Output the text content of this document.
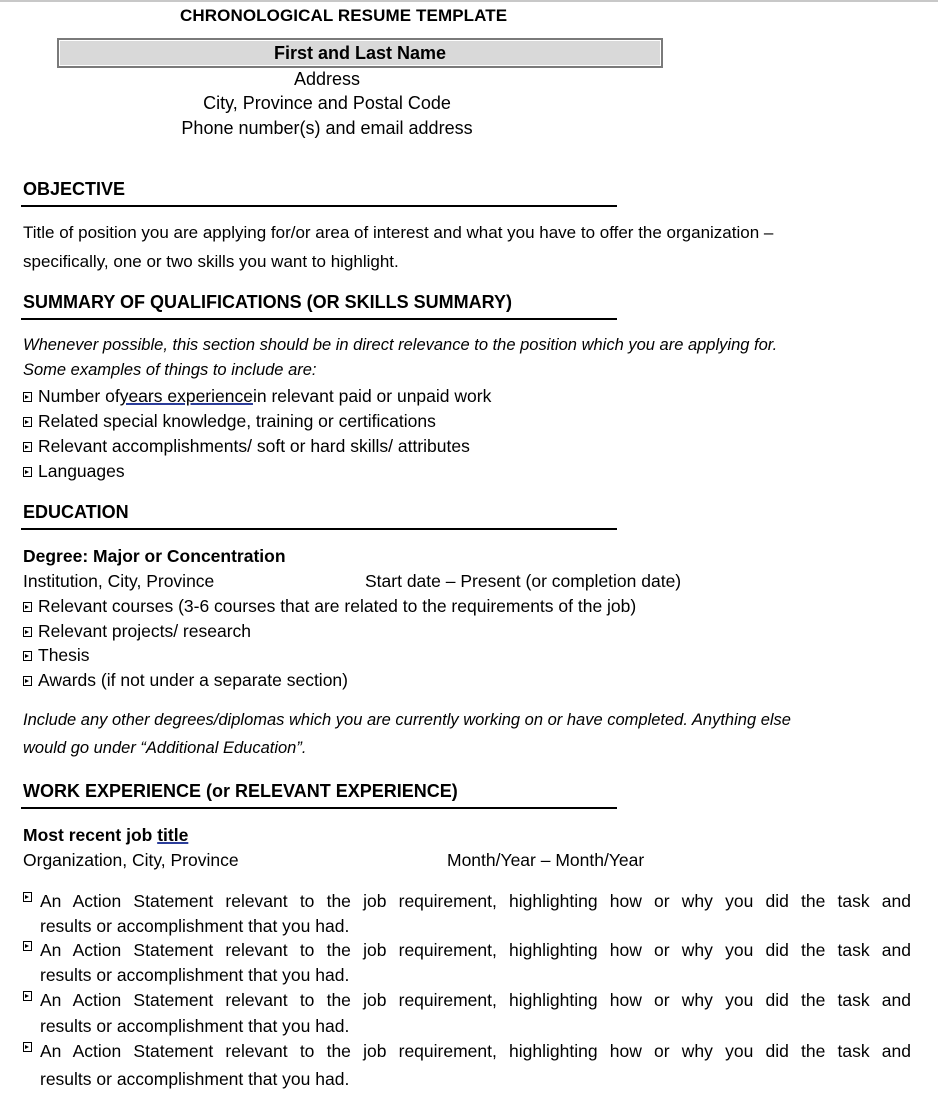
CHRONOLOGICAL RESUME TEMPLATE
First and Last Name
Address
City, Province and Postal Code
Phone number(s) and email address
OBJECTIVE
Title of position you are applying for/or area of interest and what you have to offer the organization –
specifically, one or two skills you want to highlight.
SUMMARY OF QUALIFICATIONS (OR SKILLS SUMMARY)
Whenever possible, this section should be in direct relevance to the position which you are applying for.
Some examples of things to include are:
Number of years experience in relevant paid or unpaid work
Related special knowledge, training or certifications
Relevant accomplishments/ soft or hard skills/ attributes
Languages
EDUCATION
Degree: Major or Concentration
Institution, City, Province	Start date – Present (or completion date)
Relevant courses (3-6 courses that are related to the requirements of the job)
Relevant projects/ research
Thesis
Awards (if not under a separate section)
Include any other degrees/diplomas which you are currently working on or have completed. Anything else
would go under “Additional Education”.
WORK EXPERIENCE (or RELEVANT EXPERIENCE)
Most recent job title
Organization, City, Province	Month/Year – Month/Year
An Action Statement relevant to the job requirement, highlighting how or why you did the task and
results or accomplishment that you had.
An Action Statement relevant to the job requirement, highlighting how or why you did the task and
results or accomplishment that you had.
An Action Statement relevant to the job requirement, highlighting how or why you did the task and
results or accomplishment that you had.
An Action Statement relevant to the job requirement, highlighting how or why you did the task and
results or accomplishment that you had.
